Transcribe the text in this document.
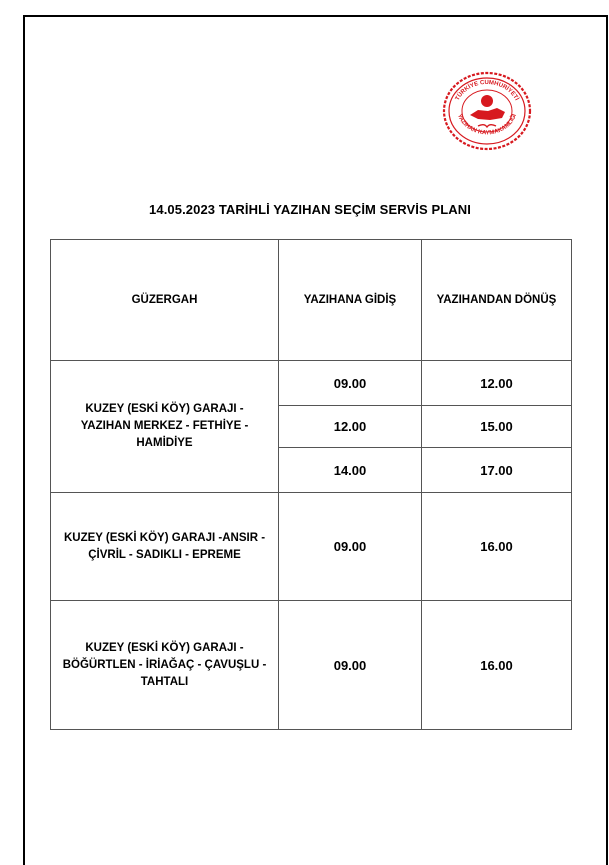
TÜRKİYE CUMHURİYETİ
YAZIHAN KAYMAKAMLIĞI
14.05.2023 TARİHLİ YAZIHAN SEÇİM SERVİS PLANI
GÜZERGAH	YAZIHANA GİDİŞ	YAZIHANDAN DÖNÜŞ

KUZEY (ESKİ KÖY) GARAJI -
YAZIHAN MERKEZ - FETHİYE -
HAMİDİYE	09.00	12.00
	12.00	15.00
	14.00	17.00

KUZEY (ESKİ KÖY) GARAJI -ANSIR -
ÇİVRİL - SADIKLI - EPREME	09.00	16.00

KUZEY (ESKİ KÖY) GARAJI -
BÖĞÜRTLEN - İRİAĞAÇ - ÇAVUŞLU -
TAHTALI	09.00	16.00
